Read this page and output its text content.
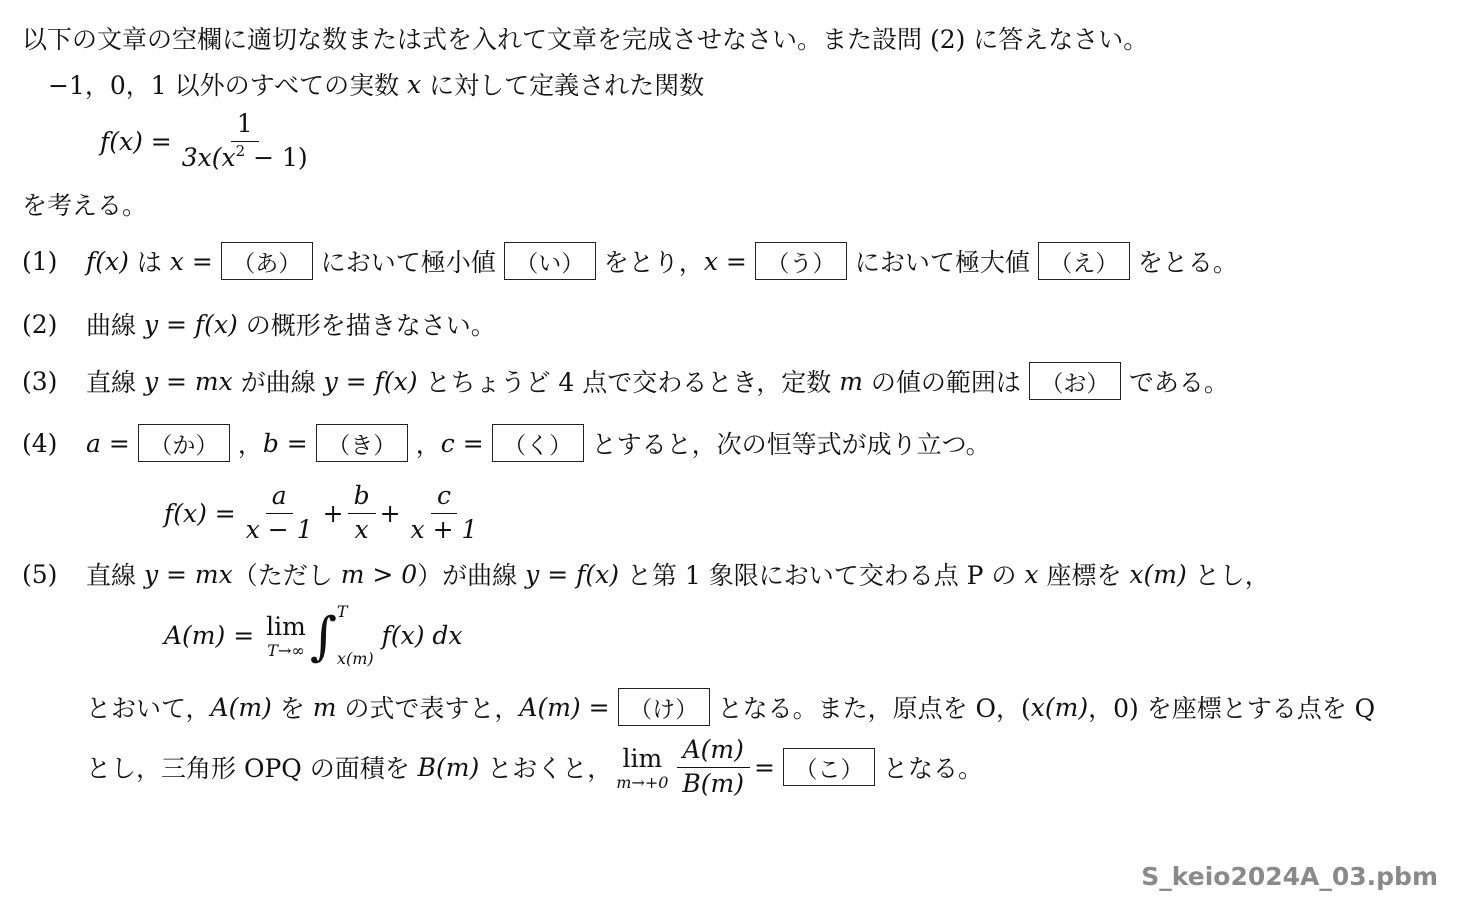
以下の文章の空欄に適切な数または式を入れて文章を完成させなさい。また設問 (2) に答えなさい。
−1，0，1 以外のすべての実数
x
に対して定義された関数
$f(x) = \frac{1}{3x(x^2 - 1)}$
を考える。
(1)	f(x)
は
x = （あ） において極小値 （い） をとり， x = （う） において極大値 （え） をとる。
(2)	曲線
y = f(x)
の概形を描きなさい。
(3)	直線
y = mx
が曲線
y = f(x)
とちょうど 4 点で交わるとき，定数
m
の値の範囲は （お） である。
(4)	a = （か） ， b = （き） ， c = （く） とすると，次の恒等式が成り立つ。
$f(x) = \frac{a}{x - 1} + \frac{b}{x} + \frac{c}{x + 1}$
(5)	直線
y = mx （ただし
m > 0 ）が曲線
y = f(x)
と第 1 象限において交わる点 P の
x
座標を
x(m)
とし，
A(m) =
lim
T→∞ ∫ T
x(m)
f(x) dx
とおいて， A(m)
を
m
の式で表すと， A(m) = （け） となる。また，原点を O，( x(m) ，0) を座標とする点を Q
とし，三角形 OPQ の面積を
B(m)
とおくと， lim
$m\to+0 \frac{A(m)}{B(m)}$ = （こ） となる。
S_keio2024A_03.pbm
